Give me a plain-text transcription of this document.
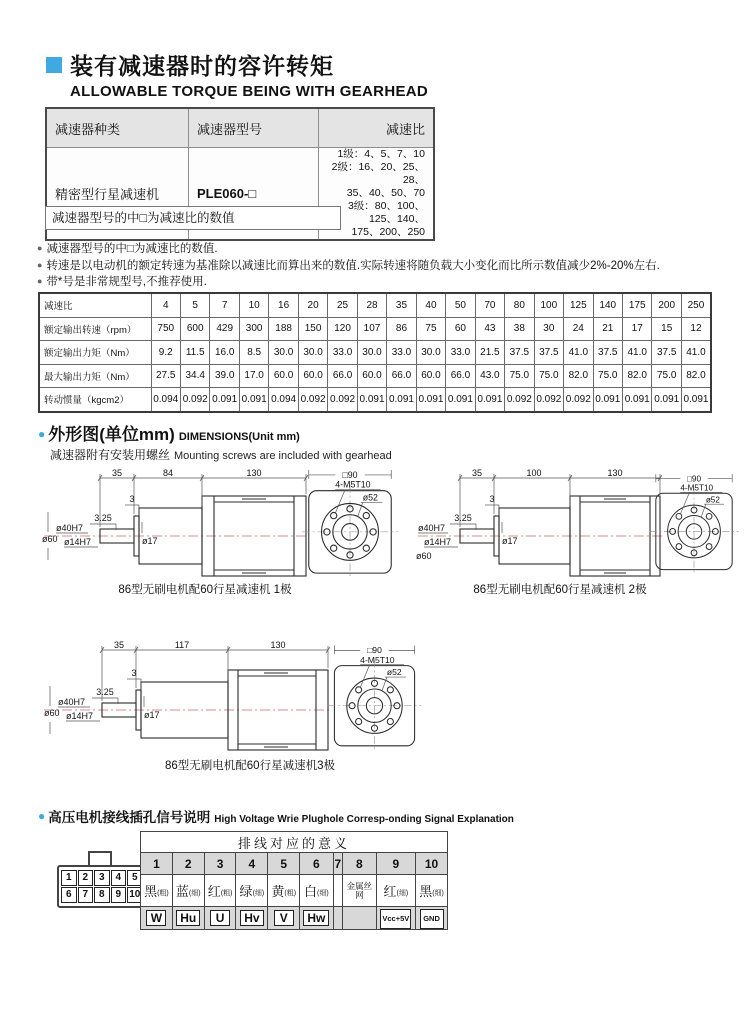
装有减速器时的容许转矩
ALLOWABLE TORQUE BEING WITH GEARHEAD
减速器种类	减速器型号	减速比
精密型行星减速机	PLE060-□	1级：4、5、7、10
2级：16、20、25、28、
35、40、50、70
3级：80、100、125、140、
175、200、250
减速器型号的中□为减速比的数值
● 减速器型号的中□为减速比的数值.
● 转速是以电动机的额定转速为基准除以减速比而算出来的数值.实际转速将随负载大小变化而比所示数值减少2%-20%左右.
● 带*号是非常规型号,不推荐使用.
减速比	4	5	7	10	16	20	25	28	35	40	50	70	80	100	125	140	175	200	250
额定输出转速（rpm）	750	600	429	300	188	150	120	107	86	75	60	43	38	30	24	21	17	15	12
额定输出力矩（Nm）	9.2	11.5	16.0	8.5	30.0	30.0	33.0	30.0	33.0	30.0	33.0	21.5	37.5	37.5	41.0	37.5	41.0	37.5	41.0
最大输出力矩（Nm）	27.5	34.4	39.0	17.0	60.0	60.0	66.0	60.0	66.0	60.0	66.0	43.0	75.0	75.0	82.0	75.0	82.0	75.0	82.0
转动惯量（kgcm2）	0.094	0.092	0.091	0.091	0.094	0.092	0.092	0.091	0.091	0.091	0.091	0.091	0.092	0.092	0.092	0.091	0.091	0.091	0.091
● 外形图(单位mm) DIMENSIONS(Unit mm)
减速器附有安装用螺丝 Mounting screws are included with gearhead
35	84	130
3
3.25
ø40H7
ø14H7
ø60	ø17
□90
4-M5T10
ø52
86型无刷电机配60行星减速机 1极
35	100	130
3
3.25
ø40H7
ø14H7
ø60
ø17
□90
4-M5T10
ø52
86型无刷电机配60行星减速机 2极
35	117	130
3
3.25
ø40H7
ø14H7
ø60	ø17
□90
4-M5T10
ø52
86型无刷电机配60行星减速机3极
● 高压电机接线插孔信号说明 High Voltage Wrie Plughole Corresp-onding Signal Explanation
1	2	3	4	5
6	7	8	9 10
排线对应的意义									
1	2	3	4	5	6	7	8	9	10
黑(粗)	蓝(细)	红(粗)	绿(细)	黄(粗)	白(细)		金属丝网	红(细)	黑(细)
W	Hu	U	Hv	V	Hw			Vcc+5V	GND
